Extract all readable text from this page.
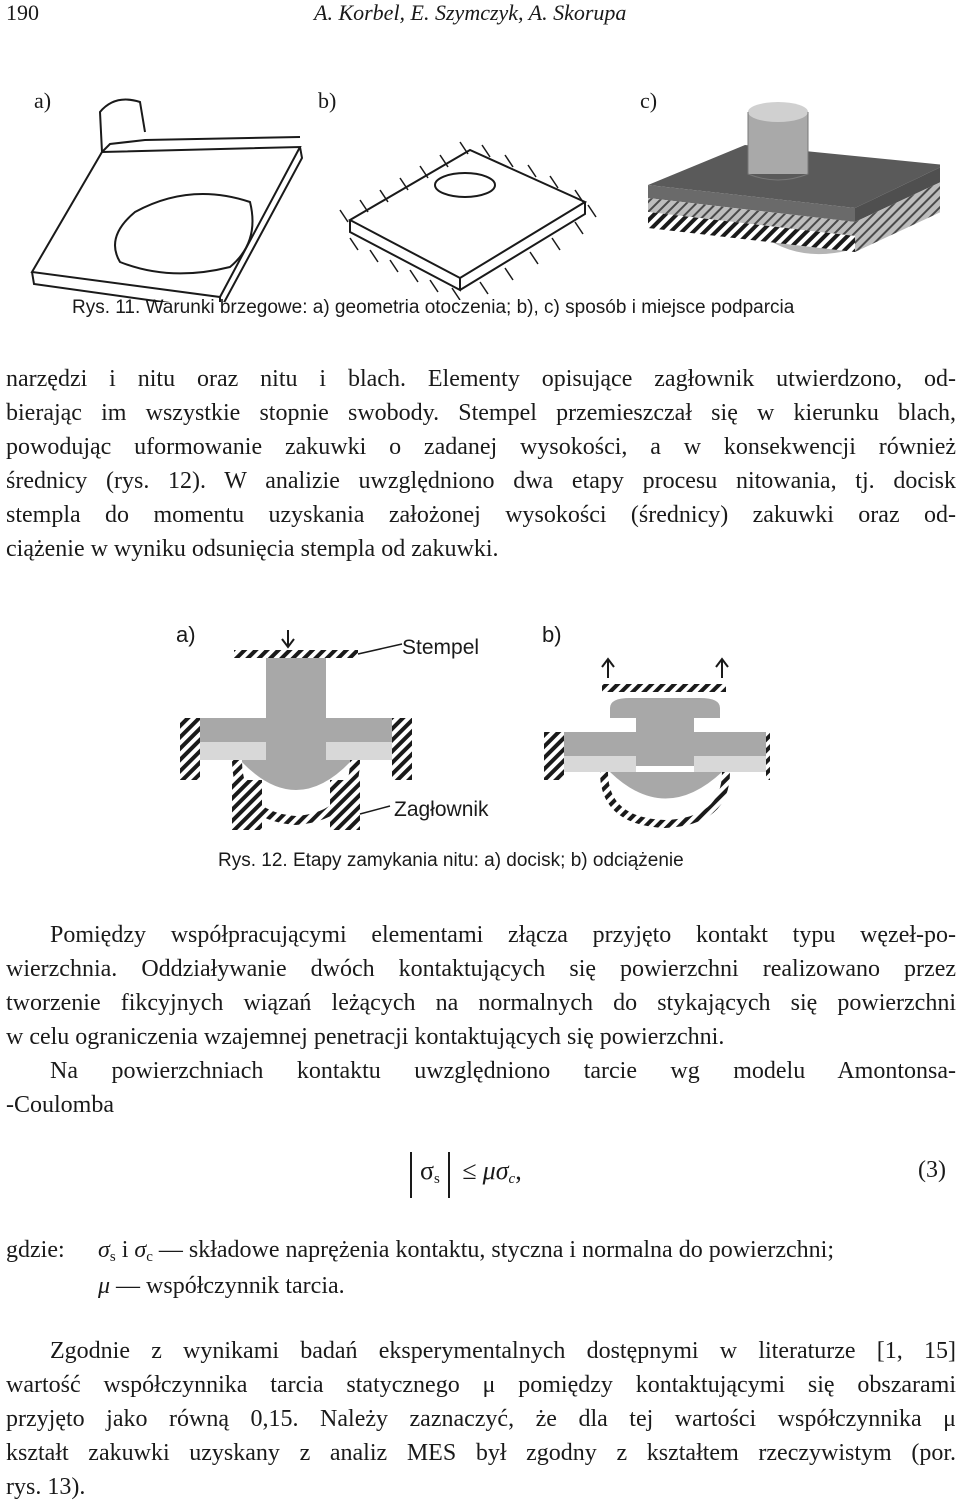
190	A. Korbel, E. Szymczyk, A. Skorupa
a)	b)	c)
Rys. 11. Warunki brzegowe: a) geometria otoczenia; b), c) sposób i miejsce podparcia
narzędzi i nitu oraz nitu i blach. Elementy opisujące zagłownik utwierdzono, od-
bierając im wszystkie stopnie swobody. Stempel przemieszczał się w kierunku blach,
powodując uformowanie zakuwki o zadanej wysokości, a w konsekwencji również
średnicy (rys. 12). W analizie uwzględniono dwa etapy procesu nitowania, tj. docisk
stempla do momentu uzyskania założonej wysokości (średnicy) zakuwki oraz od-
ciążenie w wyniku odsunięcia stempla od zakuwki.
a)	b)
Stempel
Zagłownik
Rys. 12. Etapy zamykania nitu: a) docisk; b) odciążenie
Pomiędzy współpracującymi elementami złącza przyjęto kontakt typu węzeł-po-
wierzchnia. Oddziaływanie dwóch kontaktujących się powierzchni realizowano przez
tworzenie fikcyjnych wiązań leżących na normalnych do stykających się powierzchni
w celu ograniczenia wzajemnej penetracji kontaktujących się powierzchni.
Na powierzchniach kontaktu uwzględniono tarcie wg modelu Amontonsa-
-Coulomba
$\sigma_s \le \mu\sigma_c$,	(3)
gdzie: $\sigma_s$ i $\sigma_c$ — składowe naprężenia kontaktu, styczna i normalna do powierzchni;
μ — współczynnik tarcia.
Zgodnie z wynikami badań eksperymentalnych dostępnymi w literaturze [1, 15]
wartość współczynnika tarcia statycznego μ pomiędzy kontaktującymi się obszarami
przyjęto jako równą 0,15. Należy zaznaczyć, że dla tej wartości współczynnika μ
kształt zakuwki uzyskany z analiz MES był zgodny z kształtem rzeczywistym (por.
rys. 13).
